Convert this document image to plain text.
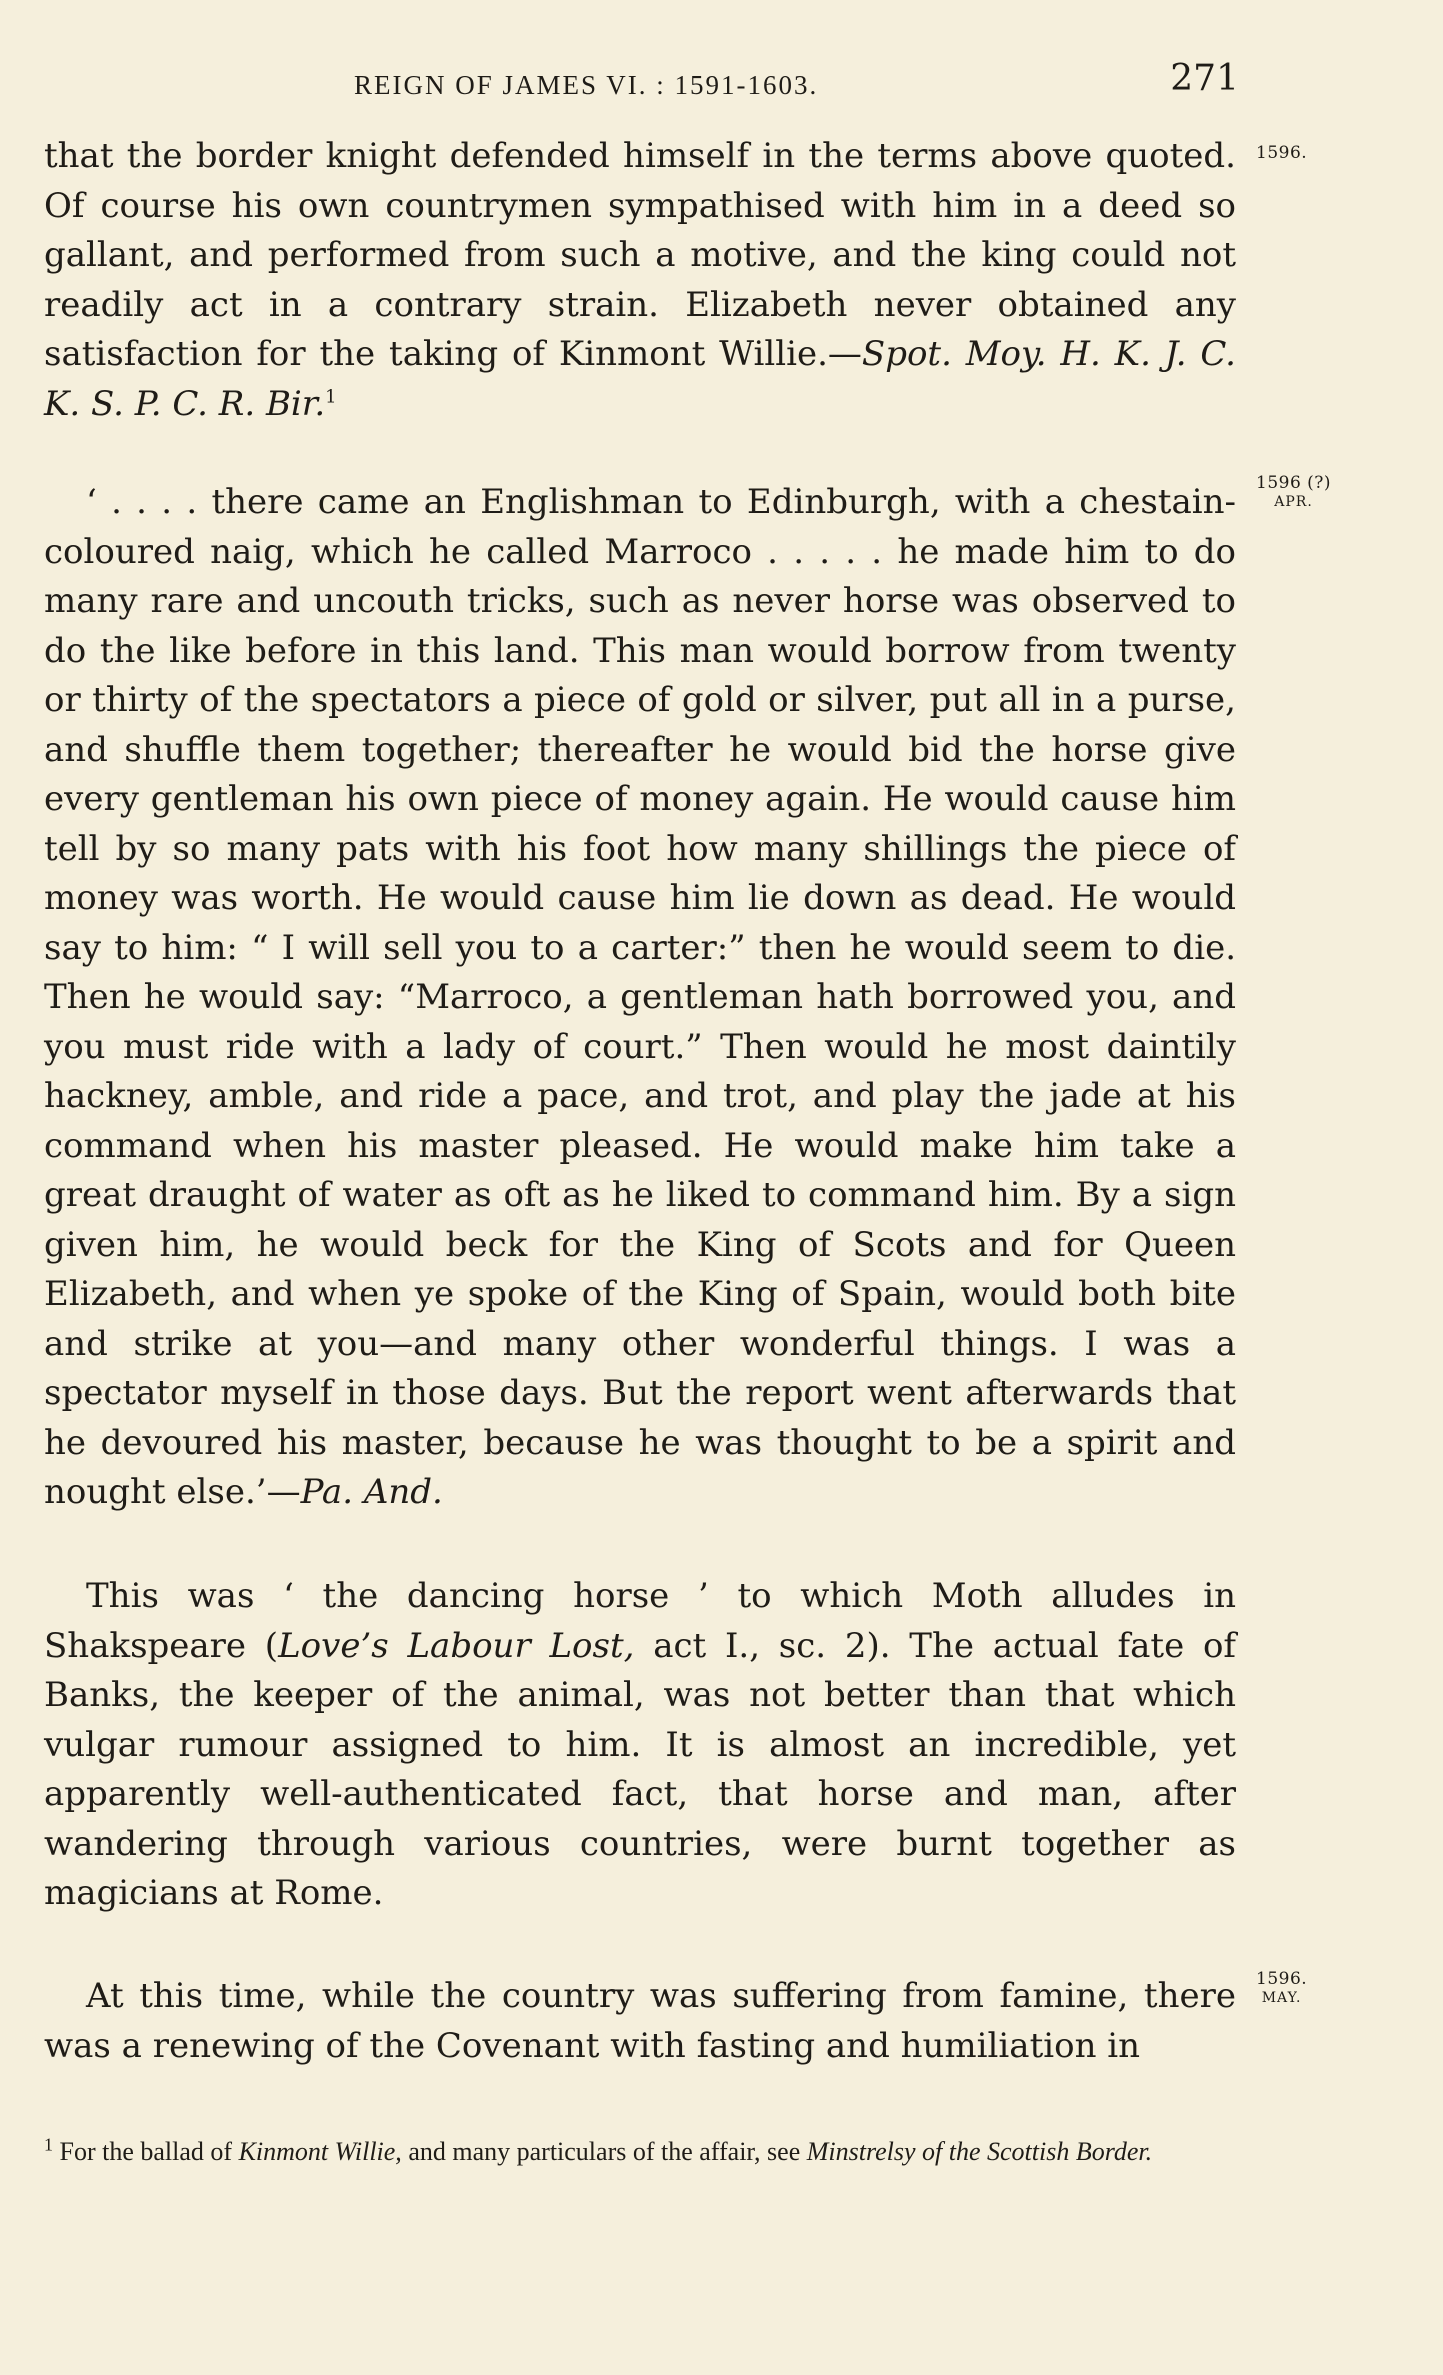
REIGN OF JAMES VI. : 1591-1603.	271

that the border knight defended himself in the terms above quoted. Of course his own countrymen sympathised with him in a deed so gallant, and performed from such a motive, and the king could not readily act in a contrary strain. Elizabeth never obtained any satisfaction for the taking of Kinmont Willie.—Spot. Moy. H. K. J. C. K. S. P. C. R. Bir.$^1$

1596.

‘ . . . . there came an Englishman to Edinburgh, with a chestain-coloured naig, which he called Marroco . . . . . he made him to do many rare and uncouth tricks, such as never horse was observed to do the like before in this land. This man would borrow from twenty or thirty of the spectators a piece of gold or silver, put all in a purse, and shuffle them together; thereafter he would bid the horse give every gentleman his own piece of money again. He would cause him tell by so many pats with his foot how many shillings the piece of money was worth. He would cause him lie down as dead. He would say to him: “ I will sell you to a carter:” then he would seem to die. Then he would say: “Marroco, a gentleman hath borrowed you, and you must ride with a lady of court.” Then would he most daintily hackney, amble, and ride a pace, and trot, and play the jade at his command when his master pleased. He would make him take a great draught of water as oft as he liked to command him. By a sign given him, he would beck for the King of Scots and for Queen Elizabeth, and when ye spoke of the King of Spain, would both bite and strike at you—and many other wonderful things. I was a spectator myself in those days. But the report went afterwards that he devoured his master, because he was thought to be a spirit and nought else.’—Pa. And.

1596 (?)
APR.

This was ‘ the dancing horse ’ to which Moth alludes in Shakspeare (Love’s Labour Lost, act I., sc. 2). The actual fate of Banks, the keeper of the animal, was not better than that which vulgar rumour assigned to him. It is almost an incredible, yet apparently well-authenticated fact, that horse and man, after wandering through various countries, were burnt together as magicians at Rome.

At this time, while the country was suffering from famine, there was a renewing of the Covenant with fasting and humiliation in

1596.
MAY.

$^1$ For the ballad of Kinmont Willie, and many particulars of the affair, see Minstrelsy of the Scottish Border.
